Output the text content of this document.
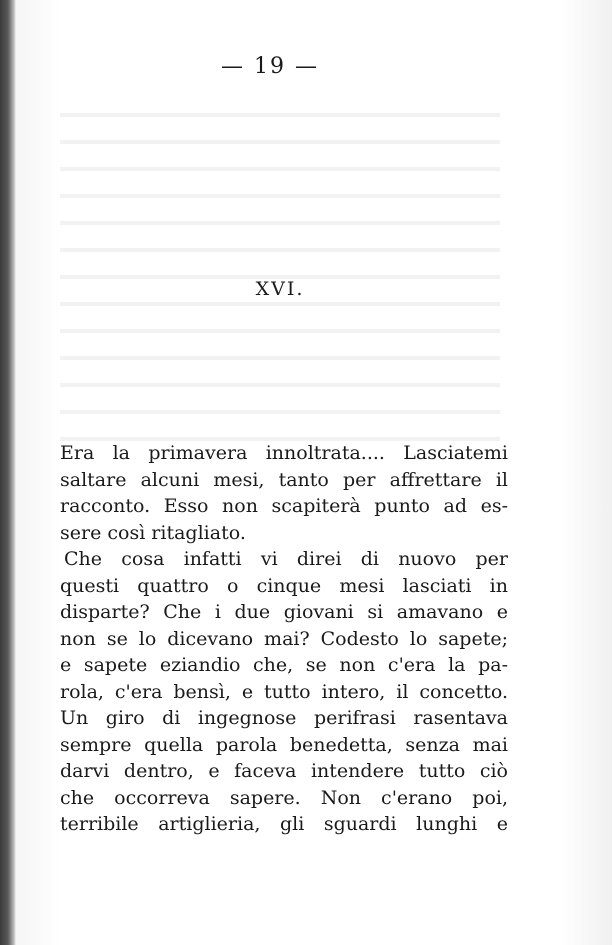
— 19 —
XVI.
Era la primavera innoltrata.... Lasciatemi
saltare alcuni mesi, tanto per affrettare il
racconto. Esso non scapiterà punto ad es-
sere così ritagliato.
Che cosa infatti vi direi di nuovo per
questi quattro o cinque mesi lasciati in
disparte? Che i due giovani si amavano e
non se lo dicevano mai? Codesto lo sapete;
e sapete eziandio che, se non c'era la pa-
rola, c'era bensì, e tutto intero, il concetto.
Un giro di ingegnose perifrasi rasentava
sempre quella parola benedetta, senza mai
darvi dentro, e faceva intendere tutto ciò
che occorreva sapere. Non c'erano poi,
terribile artiglieria, gli sguardi lunghi e
